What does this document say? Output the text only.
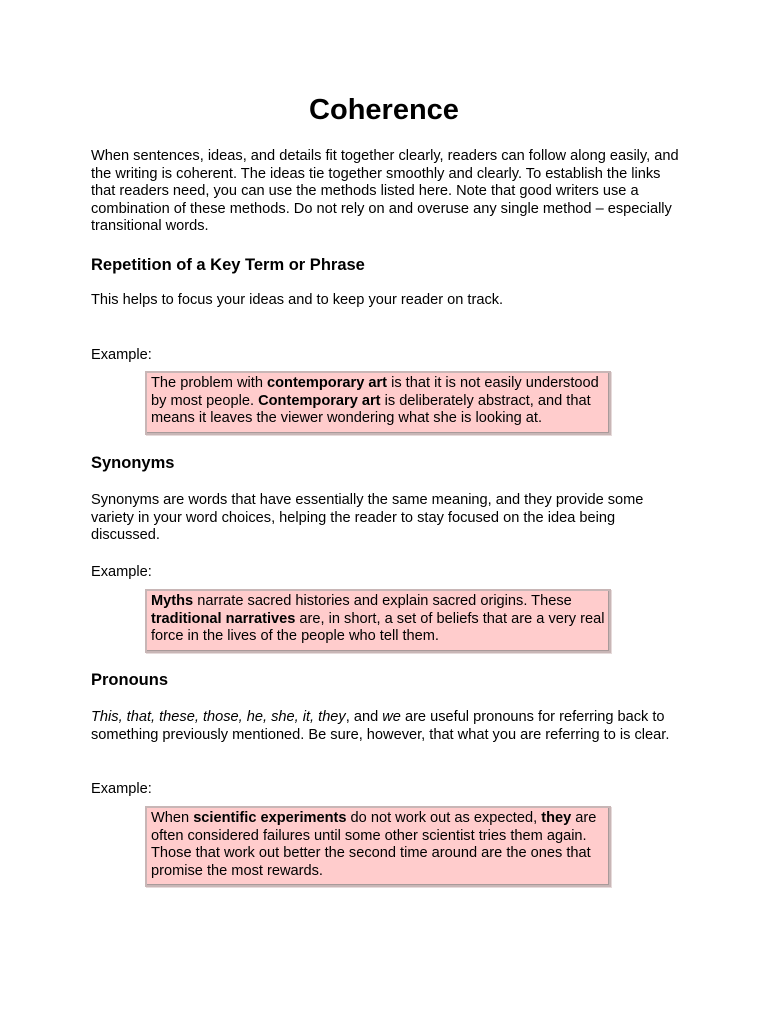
Coherence

When sentences, ideas, and details fit together clearly, readers can follow along easily, and the writing is coherent. The ideas tie together smoothly and clearly. To establish the links that readers need, you can use the methods listed here. Note that good writers use a combination of these methods. Do not rely on and overuse any single method – especially transitional words.

Repetition of a Key Term or Phrase

This helps to focus your ideas and to keep your reader on track.

Example:
The problem with contemporary art is that it is not easily understood by most people. Contemporary art is deliberately abstract, and that means it leaves the viewer wondering what she is looking at.
Synonyms

Synonyms are words that have essentially the same meaning, and they provide some variety in your word choices, helping the reader to stay focused on the idea being discussed.

Example:
Myths narrate sacred histories and explain sacred origins. These traditional narratives are, in short, a set of beliefs that are a very real force in the lives of the people who tell them.
Pronouns

This, that, these, those, he, she, it, they, and we are useful pronouns for referring back to something previously mentioned. Be sure, however, that what you are referring to is clear.

Example:
When scientific experiments do not work out as expected, they are often considered failures until some other scientist tries them again. Those that work out better the second time around are the ones that promise the most rewards.
